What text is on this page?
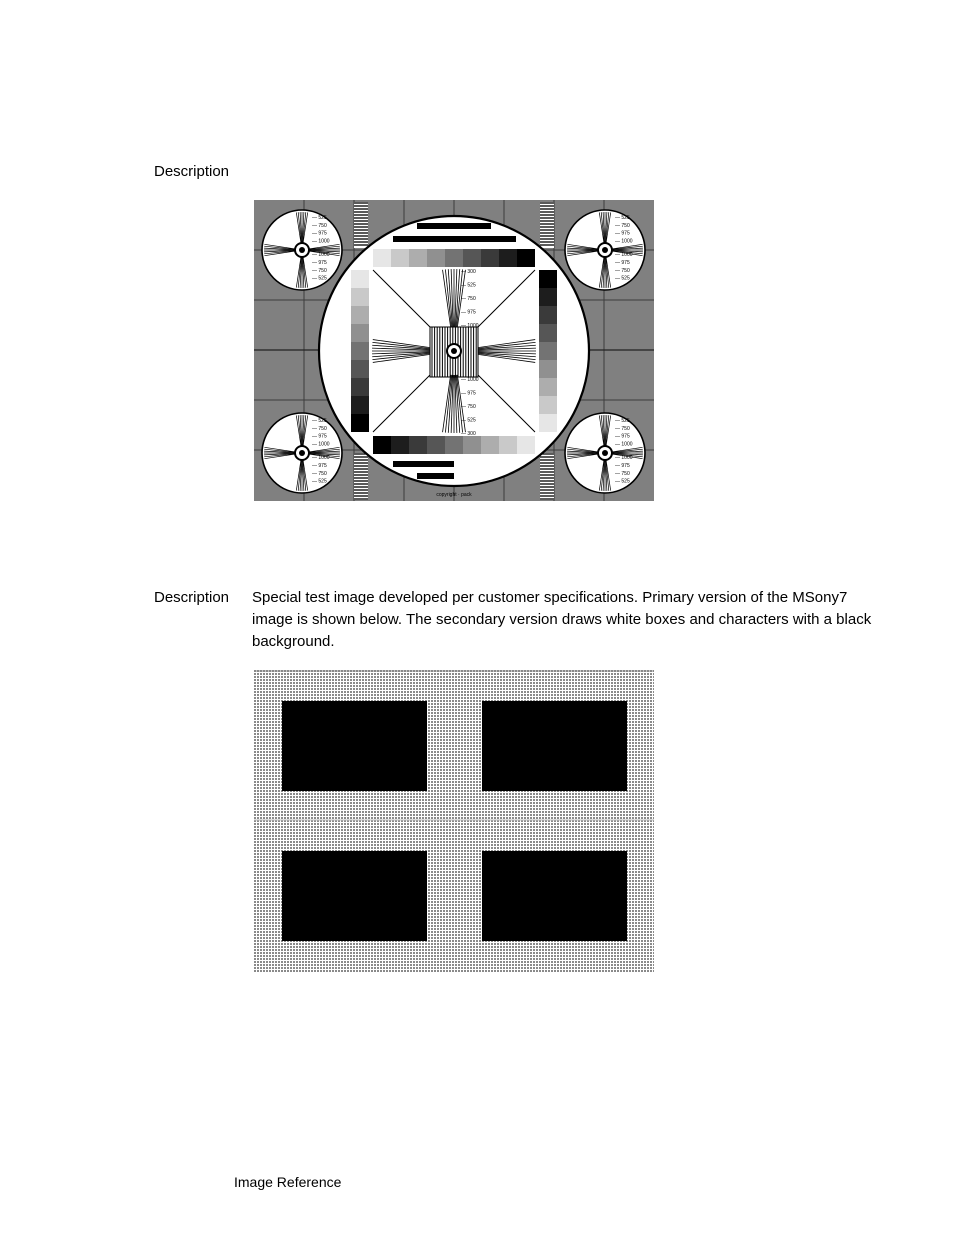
Description
— 525
— 750
— 975
— 1000
— 1000
— 975
— 750
— 525
— 525
— 750
— 975
— 1000
— 1000
— 975
— 750
— 525
— 525
— 750
— 975
— 1000
— 1000
— 975
— 750
— 525
— 525
— 750
— 975
— 1000
— 1000
— 975
— 750
— 525
— 300
— 525
— 750
— 975
— 1000
— 1000
— 975
— 750
— 525
— 300
copyright · pack
Description Special test image developed per customer specifications. Primary version of the MSony7 image is shown below. The secondary version draws white boxes and characters with a black background.
Image Reference
